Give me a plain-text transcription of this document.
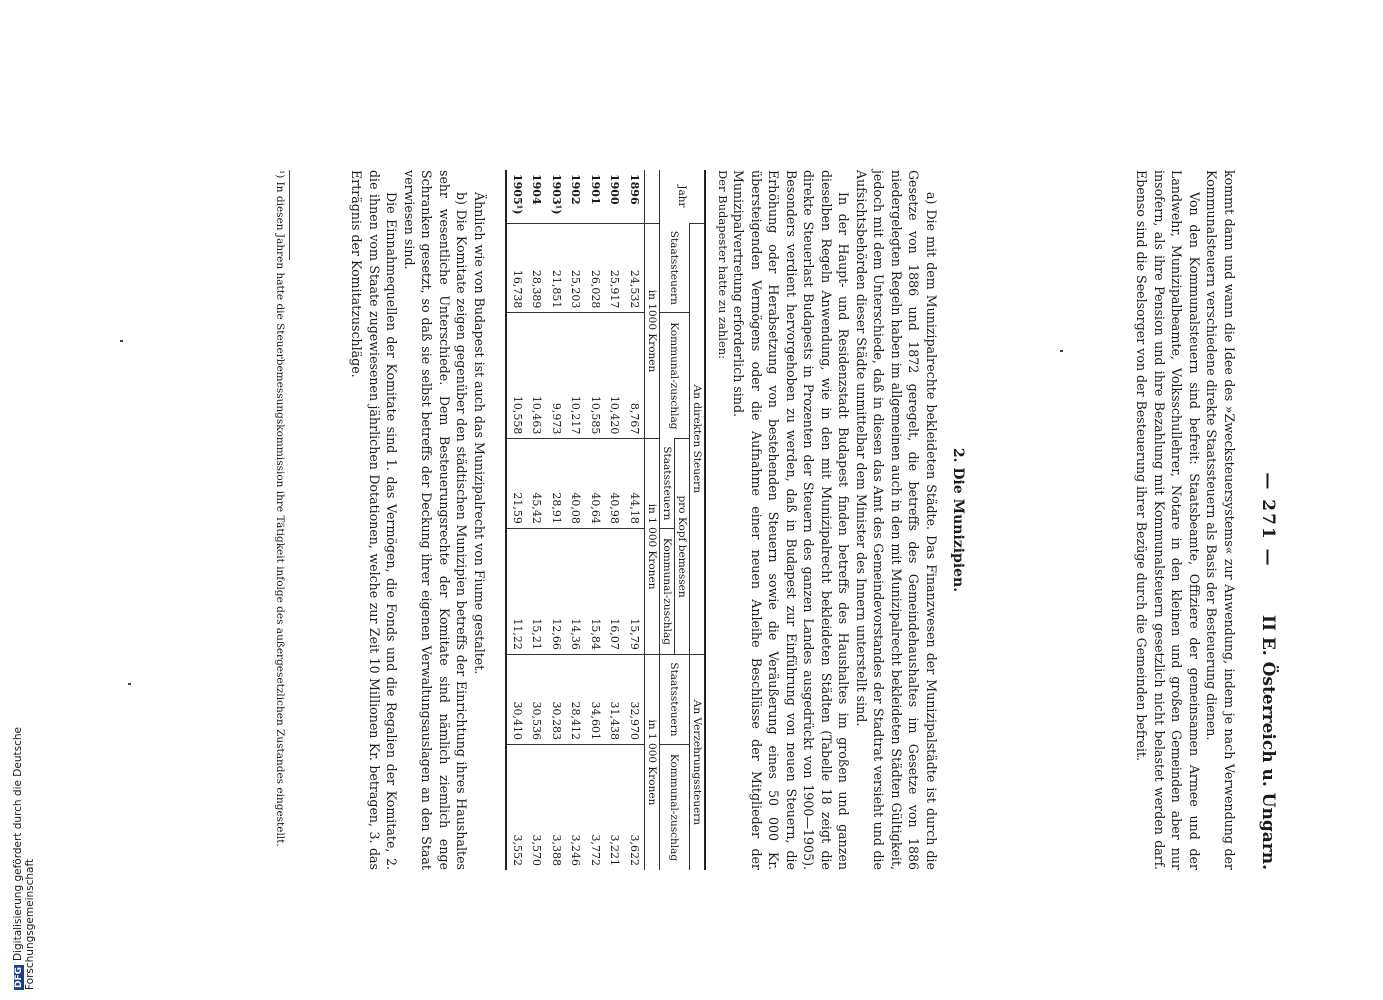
— 271 —
II E. Österreich u. Ungarn.

kommt dann und wann die Idee des »Zwecksteuersystems« zur Anwendung, indem je nach Verwendung der Kommunalsteuern verschiedene direkte Staatssteuern als Basis der Besteuerung dienen.

Von den Kommunalsteuern sind befreit: Staatsbeamte, Offiziere der gemeinsamen Armee und der Landwehr, Munizipalbeamte, Volksschullehrer, Notare in den kleinen und großen Gemeinden aber nur insofern, als ihre Pension und ihre Bezahlung mit Kommunalsteuern gesetzlich nicht belastet werden darf. Ebenso sind die Seelsorger von der Besteuerung ihrer Bezüge durch die Gemeinden befreit.

2. Die Munizipien.

a) Die mit dem Munizipalrechte bekleideten Städte. Das Finanzwesen der Munizipalstädte ist durch die Gesetze von 1886 und 1872 geregelt, die betreffs des Gemeindehaushaltes im Gesetze von 1886 niedergelegten Regeln haben im allgemeinen auch in den mit Munizipalrecht bekleideten Städten Gültigkeit, jedoch mit dem Unterschiede, daß in diesen das Amt des Gemeindevorstandes der Stadtrat versieht und die Aufsichtsbehörden dieser Städte unmittelbar dem Minister des Innern unterstellt sind.

In der Haupt- und Residenzstadt Budapest finden betreffs des Haushaltes im großen und ganzen dieselben Regeln Anwendung, wie in den mit Munizipalrecht bekleideten Städten (Tabelle 18 zeigt die direkte Steuerlast Budapests in Prozenten der Steuern des ganzen Landes ausgedrückt von 1900—1905). Besonders verdient hervorgehoben zu werden, daß in Budapest zur Einführung von neuen Steuern, die Erhöhung oder Herabsetzung von bestehenden Steuern sowie die Veräußerung eines 50 000 Kr. übersteigenden Vermögens oder die Aufnahme einer neuen Anleihe Beschlüsse der Mitglieder der Munizipalvertretung erforderlich sind.

Der Budapester hatte zu zahlen:
Jahr	An direkten Steuern				An Verzehrungssteuern	
	Staatssteuern	Kommunal-zuschlag	pro Kopf bemessen		Staatssteuern	Kommunal-zuschlag
			Staatssteuern	Kommunal-zuschlag		
	in 1000 Kronen		in 1 000 Kronen		in 1 000 Kronen	
1896	24,532	8,767	44,18	15,79	32,970	3,622
1900	25,917	10,420	40,98	16,07	31,438	3,221
1901	26,028	10,585	40,64	15,84	34,601	3,772
1902	25,203	10,217	40,08	14,36	28,412	3,246
1903¹)	21,851	9,973	28,91	12,66	30,283	3,388
1904	28,389	10,463	45,42	15,21	30,536	3,570
1905¹)	16,738	10,558	21,59	11,22	30,410	3,552

Ähnlich wie von Budapest ist auch das Munizipalrecht von Fiume gestaltet.

b) Die Komitate zeigen gegenüber den städtischen Munizipien betreffs der Einrichtung ihres Haushaltes sehr wesentliche Unterschiede. Dem Besteuerungsrechte der Komitate sind nämlich ziemlich enge Schranken gesetzt, so daß sie selbst betreffs der Deckung ihrer eigenen Verwaltungsauslagen an den Staat verwiesen sind.

Die Einnahmequellen der Komitate sind 1. das Vermögen, die Fonds und die Regalien der Komitate, 2. die ihnen vom Staate zugewiesenen jährlichen Dotationen, welche zur Zeit 10 Millionen Kr. betragen, 3. das Erträgnis der Komitatzuschläge.

¹) In diesen Jahren hatte die Steuerbemessungskommission ihre Tätigkeit infolge des außergesetzlichen Zustandes eingestellt.
DFGDigitalisierung gefördert durch die Deutsche Forschungsgemeinschaft
